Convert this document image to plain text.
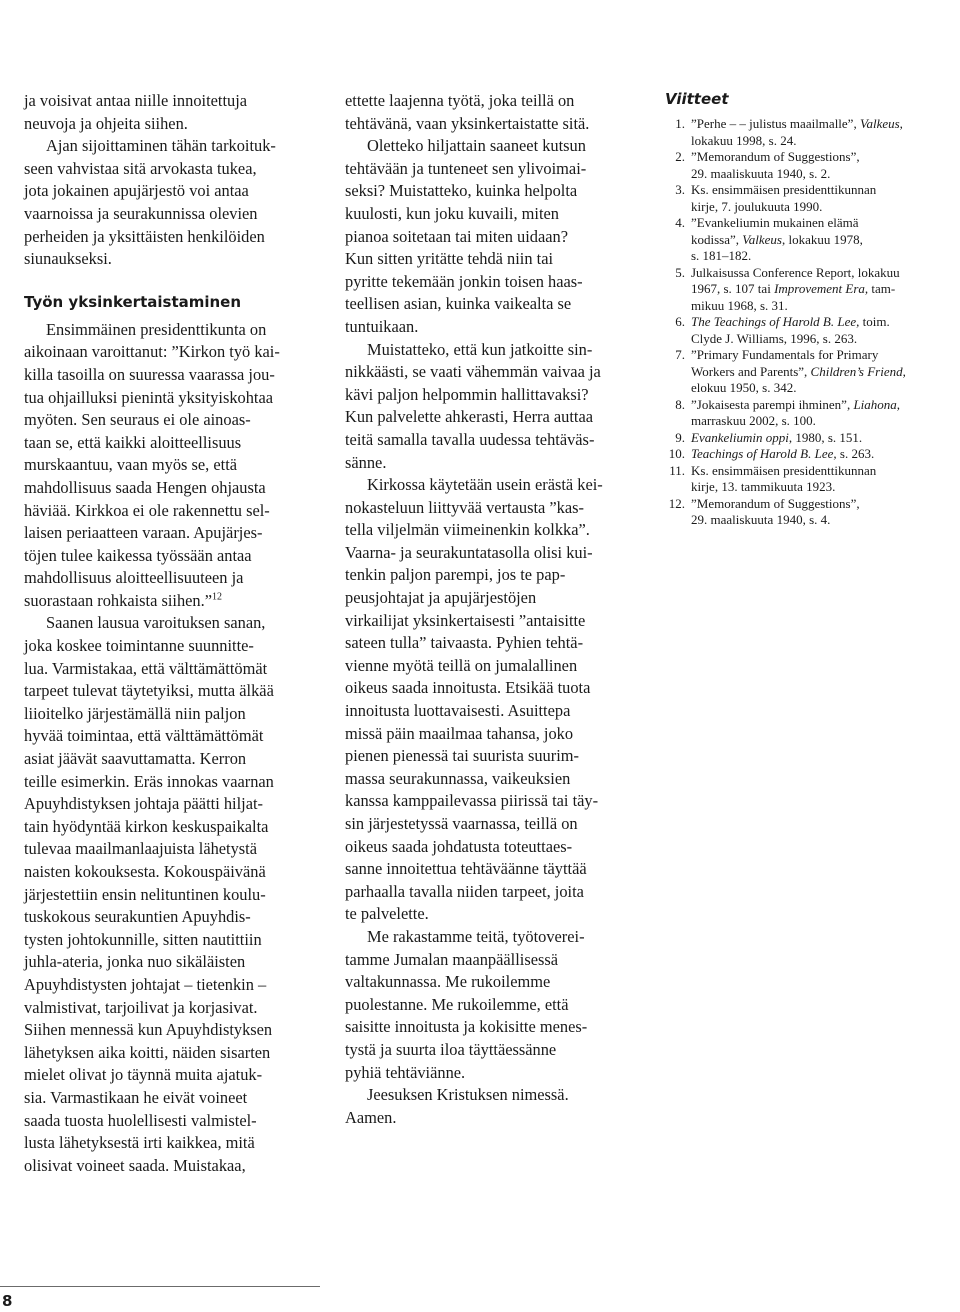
ja voisivat antaa niille innoitettuja
neuvoja ja ohjeita siihen.

Ajan sijoittaminen tähän tarkoituk-
seen vahvistaa sitä arvokasta tukea,
jota jokainen apujärjestö voi antaa
vaarnoissa ja seurakunnissa olevien
perheiden ja yksittäisten henkilöiden
siunaukseksi.

Työn yksinkertaistaminen

Ensimmäinen presidenttikunta on
aikoinaan varoittanut: ”Kirkon työ kai-
killa tasoilla on suuressa vaarassa jou-
tua ohjailluksi pienintä yksityiskohtaa
myöten. Sen seuraus ei ole ainoas-
taan se, että kaikki aloitteellisuus
murskaantuu, vaan myös se, että
mahdollisuus saada Hengen ohjausta
häviää. Kirkkoa ei ole rakennettu sel-
laisen periaatteen varaan. Apujärjes-
töjen tulee kaikessa työssään antaa
mahdollisuus aloitteellisuuteen ja
suorastaan rohkaista siihen.”$^{12}$

Saanen lausua varoituksen sanan,
joka koskee toimintanne suunnitte-
lua. Varmistakaa, että välttämättömät
tarpeet tulevat täytetyiksi, mutta älkää
liioitelko järjestämällä niin paljon
hyvää toimintaa, että välttämättömät
asiat jäävät saavuttamatta. Kerron
teille esimerkin. Eräs innokas vaarnan
Apuyhdistyksen johtaja päätti hiljat-
tain hyödyntää kirkon keskuspaikalta
tulevaa maailmanlaajuista lähetystä
naisten kokouksesta. Kokouspäivänä
järjestettiin ensin nelituntinen koulu-
tuskokous seurakuntien Apuyhdis-
tysten johtokunnille, sitten nautittiin
juhla-ateria, jonka nuo sikäläisten
Apuyhdistysten johtajat – tietenkin –
valmistivat, tarjoilivat ja korjasivat.
Siihen mennessä kun Apuyhdistyksen
lähetyksen aika koitti, näiden sisarten
mielet olivat jo täynnä muita ajatuk-
sia. Varmastikaan he eivät voineet
saada tuosta huolellisesti valmistel-
lusta lähetyksestä irti kaikkea, mitä
olisivat voineet saada. Muistakaa,

ettette laajenna työtä, joka teillä on
tehtävänä, vaan yksinkertaistatte sitä.

Oletteko hiljattain saaneet kutsun
tehtävään ja tunteneet sen ylivoimai-
seksi? Muistatteko, kuinka helpolta
kuulosti, kun joku kuvaili, miten
pianoa soitetaan tai miten uidaan?
Kun sitten yritätte tehdä niin tai
pyritte tekemään jonkin toisen haas-
teellisen asian, kuinka vaikealta se
tuntuikaan.

Muistatteko, että kun jatkoitte sin-
nikkäästi, se vaati vähemmän vaivaa ja
kävi paljon helpommin hallittavaksi?
Kun palvelette ahkerasti, Herra auttaa
teitä samalla tavalla uudessa tehtäväs-
sänne.

Kirkossa käytetään usein erästä kei-
nokasteluun liittyvää vertausta ”kas-
tella viljelmän viimeinenkin kolkka”.
Vaarna- ja seurakuntatasolla olisi kui-
tenkin paljon parempi, jos te pap-
peusjohtajat ja apujärjestöjen
virkailijat yksinkertaisesti ”antaisitte
sateen tulla” taivaasta. Pyhien tehtä-
vienne myötä teillä on jumalallinen
oikeus saada innoitusta. Etsikää tuota
innoitusta luottavaisesti. Asuittepa
missä päin maailmaa tahansa, joko
pienen pienessä tai suurista suurim-
massa seurakunnassa, vaikeuksien
kanssa kamppailevassa piirissä tai täy-
sin järjestetyssä vaarnassa, teillä on
oikeus saada johdatusta toteuttaes-
sanne innoitettua tehtäväänne täyttää
parhaalla tavalla niiden tarpeet, joita
te palvelette.

Me rakastamme teitä, työtoverei-
tamme Jumalan maanpäällisessä
valtakunnassa. Me rukoilemme
puolestanne. Me rukoilemme, että
saisitte innoitusta ja kokisitte menes-
tystä ja suurta iloa täyttäessänne
pyhiä tehtäviänne.

Jeesuksen Kristuksen nimessä.
Aamen.

Viitteet
1. ”Perhe – – julistus maailmalle”, Valkeus,
lokakuu 1998, s. 24.
2. ”Memorandum of Suggestions”,
29. maaliskuuta 1940, s. 2.
3. Ks. ensimmäisen presidenttikunnan
kirje, 7. joulukuuta 1990.
4. ”Evankeliumin mukainen elämä
kodissa”, Valkeus, lokakuu 1978,
s. 181–182.
5. Julkaisussa Conference Report, lokakuu
1967, s. 107 tai Improvement Era, tam-
mikuu 1968, s. 31.
6. The Teachings of Harold B. Lee, toim.
Clyde J. Williams, 1996, s. 263.
7. ”Primary Fundamentals for Primary
Workers and Parents”, Children’s Friend,
elokuu 1950, s. 342.
8. ”Jokaisesta parempi ihminen”, Liahona,
marraskuu 2002, s. 100.
9. Evankeliumin oppi, 1980, s. 151.
10. Teachings of Harold B. Lee, s. 263.
11. Ks. ensimmäisen presidenttikunnan
kirje, 13. tammikuuta 1923.
12. ”Memorandum of Suggestions”,
29. maaliskuuta 1940, s. 4.
8
